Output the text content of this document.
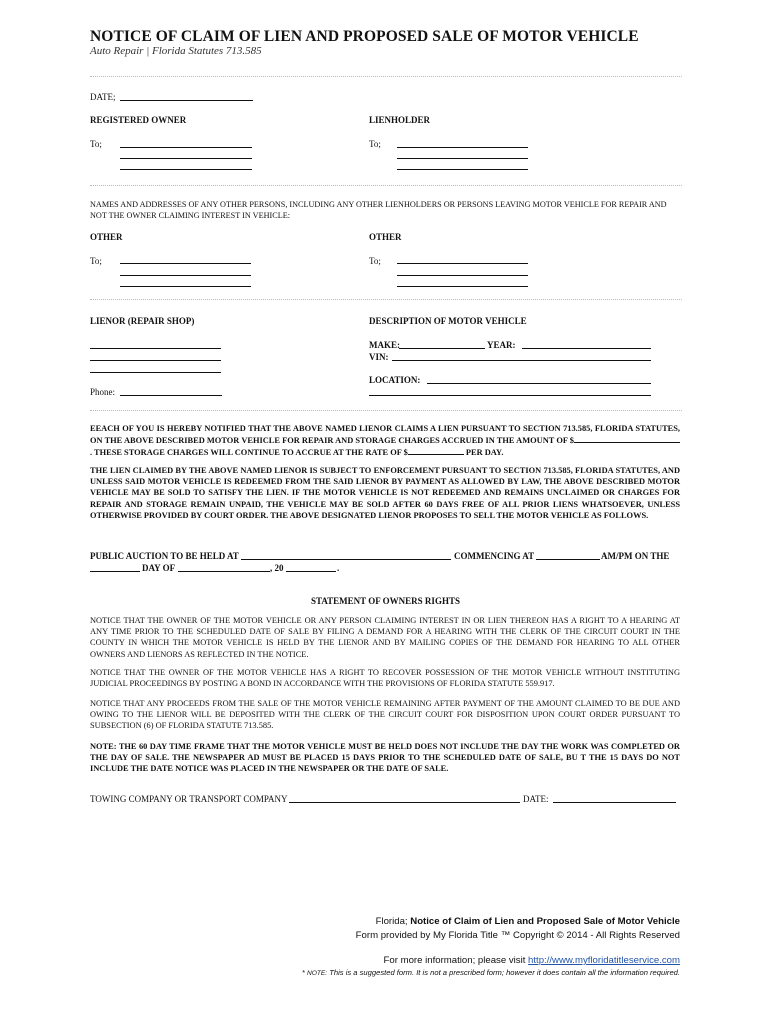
NOTICE OF CLAIM OF LIEN AND PROPOSED SALE OF MOTOR VEHICLE
Auto Repair | Florida Statutes 713.585
DATE;
REGISTERED OWNER	LIENHOLDER
To;	To;
NAMES AND ADDRESSES OF ANY OTHER PERSONS, INCLUDING ANY OTHER LIENHOLDERS OR PERSONS LEAVING MOTOR VEHICLE FOR REPAIR AND NOT THE OWNER CLAIMING INTEREST IN VEHICLE:
OTHER	OTHER
To;	To;
LIENOR (REPAIR SHOP)	DESCRIPTION OF MOTOR VEHICLE
Phone:
MAKE:	YEAR:
VIN:
LOCATION:
EEACH OF YOU IS HEREBY NOTIFIED THAT THE ABOVE NAMED LIENOR CLAIMS A LIEN PURSUANT TO SECTION 713.585, FLORIDA STATUTES, ON THE ABOVE DESCRIBED MOTOR VEHICLE FOR REPAIR AND STORAGE CHARGES ACCRUED IN THE AMOUNT OF $. THESE STORAGE CHARGES WILL CONTINUE TO ACCRUE AT THE RATE OF $	PER DAY.
THE LIEN CLAIMED BY THE ABOVE NAMED LIENOR IS SUBJECT TO ENFORCEMENT PURSUANT TO SECTION 713.585, FLORIDA STATUTES, AND UNLESS SAID MOTOR VEHICLE IS REDEEMED FROM THE SAID LIENOR BY PAYMENT AS ALLOWED BY LAW, THE ABOVE DESCRIBED MOTOR VEHICLE MAY BE SOLD TO SATISFY THE LIEN. IF THE MOTOR VEHICLE IS NOT REDEEMED AND REMAINS UNCLAIMED OR CHARGES FOR REPAIR AND STORAGE REMAIN UNPAID, THE VEHICLE MAY BE SOLD AFTER 60 DAYS FREE OF ALL PRIOR LIENS WHATSOEVER, UNLESS OTHERWISE PROVIDED BY COURT ORDER. THE ABOVE DESIGNATED LIENOR PROPOSES TO SELL THE MOTOR VEHICLE AS FOLLOWS.
PUBLIC AUCTION TO BE HELD AT	COMMENCING AT	AM/PM ON THE
DAY OF	, 20	.
STATEMENT OF OWNERS RIGHTS
NOTICE THAT THE OWNER OF THE MOTOR VEHICLE OR ANY PERSON CLAIMING INTEREST IN OR LIEN THEREON HAS A RIGHT TO A HEARING AT ANY TIME PRIOR TO THE SCHEDULED DATE OF SALE BY FILING A DEMAND FOR A HEARING WITH THE CLERK OF THE CIRCUIT COURT IN THE COUNTY IN WHICH THE MOTOR VEHICLE IS HELD BY THE LIENOR AND BY MAILING COPIES OF THE DEMAND FOR HEARING TO ALL OTHER OWNERS AND LIENORS AS REFLECTED IN THE NOTICE.
NOTICE THAT THE OWNER OF THE MOTOR VEHICLE HAS A RIGHT TO RECOVER POSSESSION OF THE MOTOR VEHICLE WITHOUT INSTITUTING JUDICIAL PROCEEDINGS BY POSTING A BOND IN ACCORDANCE WITH THE PROVISIONS OF FLORIDA STATUTE 559.917.
NOTICE THAT ANY PROCEEDS FROM THE SALE OF THE MOTOR VEHICLE REMAINING AFTER PAYMENT OF THE AMOUNT CLAIMED TO BE DUE AND OWING TO THE LIENOR WILL BE DEPOSITED WITH THE CLERK OF THE CIRCUIT COURT FOR DISPOSITION UPON COURT ORDER PURSUANT TO SUBSECTION (6) OF FLORIDA STATUTE 713.585.
NOTE: THE 60 DAY TIME FRAME THAT THE MOTOR VEHICLE MUST BE HELD DOES NOT INCLUDE THE DAY THE WORK WAS COMPLETED OR THE DAY OF SALE. THE NEWSPAPER AD MUST BE PLACED 15 DAYS PRIOR TO THE SCHEDULED DATE OF SALE, BU T THE 15 DAYS DO NOT INCLUDE THE DATE NOTICE WAS PLACED IN THE NEWSPAPER OR THE DATE OF SALE.
TOWING COMPANY OR TRANSPORT COMPANY	DATE:
Florida; Notice of Claim of Lien and Proposed Sale of Motor Vehicle
Form provided by My Florida Title ™ Copyright © 2014 - All Rights Reserved
For more information; please visit http://www.myfloridatitleservice.com
* NOTE: This is a suggested form. It is not a prescribed form; however it does contain all the information required.
